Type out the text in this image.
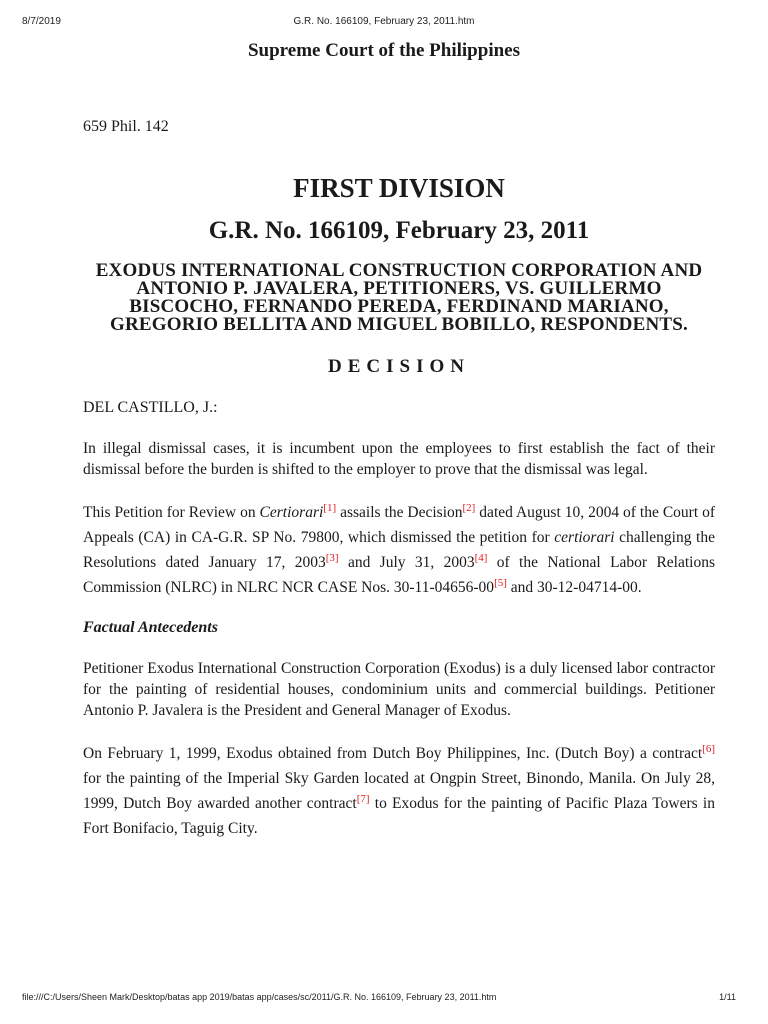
8/7/2019	G.R. No. 166109, February 23, 2011.htm
Supreme Court of the Philippines
659 Phil. 142
FIRST DIVISION
G.R. No. 166109, February 23, 2011
EXODUS INTERNATIONAL CONSTRUCTION CORPORATION AND ANTONIO P. JAVALERA, PETITIONERS, VS. GUILLERMO BISCOCHO, FERNANDO PEREDA, FERDINAND MARIANO, GREGORIO BELLITA AND MIGUEL BOBILLO, RESPONDENTS.
DECISION
DEL CASTILLO, J.:

In illegal dismissal cases, it is incumbent upon the employees to first establish the fact of their dismissal before the burden is shifted to the employer to prove that the dismissal was legal.

This Petition for Review on Certiorari[1] assails the Decision[2] dated August 10, 2004 of the Court of Appeals (CA) in CA-G.R. SP No. 79800, which dismissed the petition for certiorari challenging the Resolutions dated January 17, 2003[3] and July 31, 2003[4] of the National Labor Relations Commission (NLRC) in NLRC NCR CASE Nos. 30-11-04656-00[5] and 30-12-04714-00.

Factual Antecedents

Petitioner Exodus International Construction Corporation (Exodus) is a duly licensed labor contractor for the painting of residential houses, condominium units and commercial buildings. Petitioner Antonio P. Javalera is the President and General Manager of Exodus.

On February 1, 1999, Exodus obtained from Dutch Boy Philippines, Inc. (Dutch Boy) a contract[6] for the painting of the Imperial Sky Garden located at Ongpin Street, Binondo, Manila. On July 28, 1999, Dutch Boy awarded another contract[7] to Exodus for the painting of Pacific Plaza Towers in Fort Bonifacio, Taguig City.

file:///C:/Users/Sheen Mark/Desktop/batas app 2019/batas app/cases/sc/2011/G.R. No. 166109, February 23, 2011.htm	1/11
